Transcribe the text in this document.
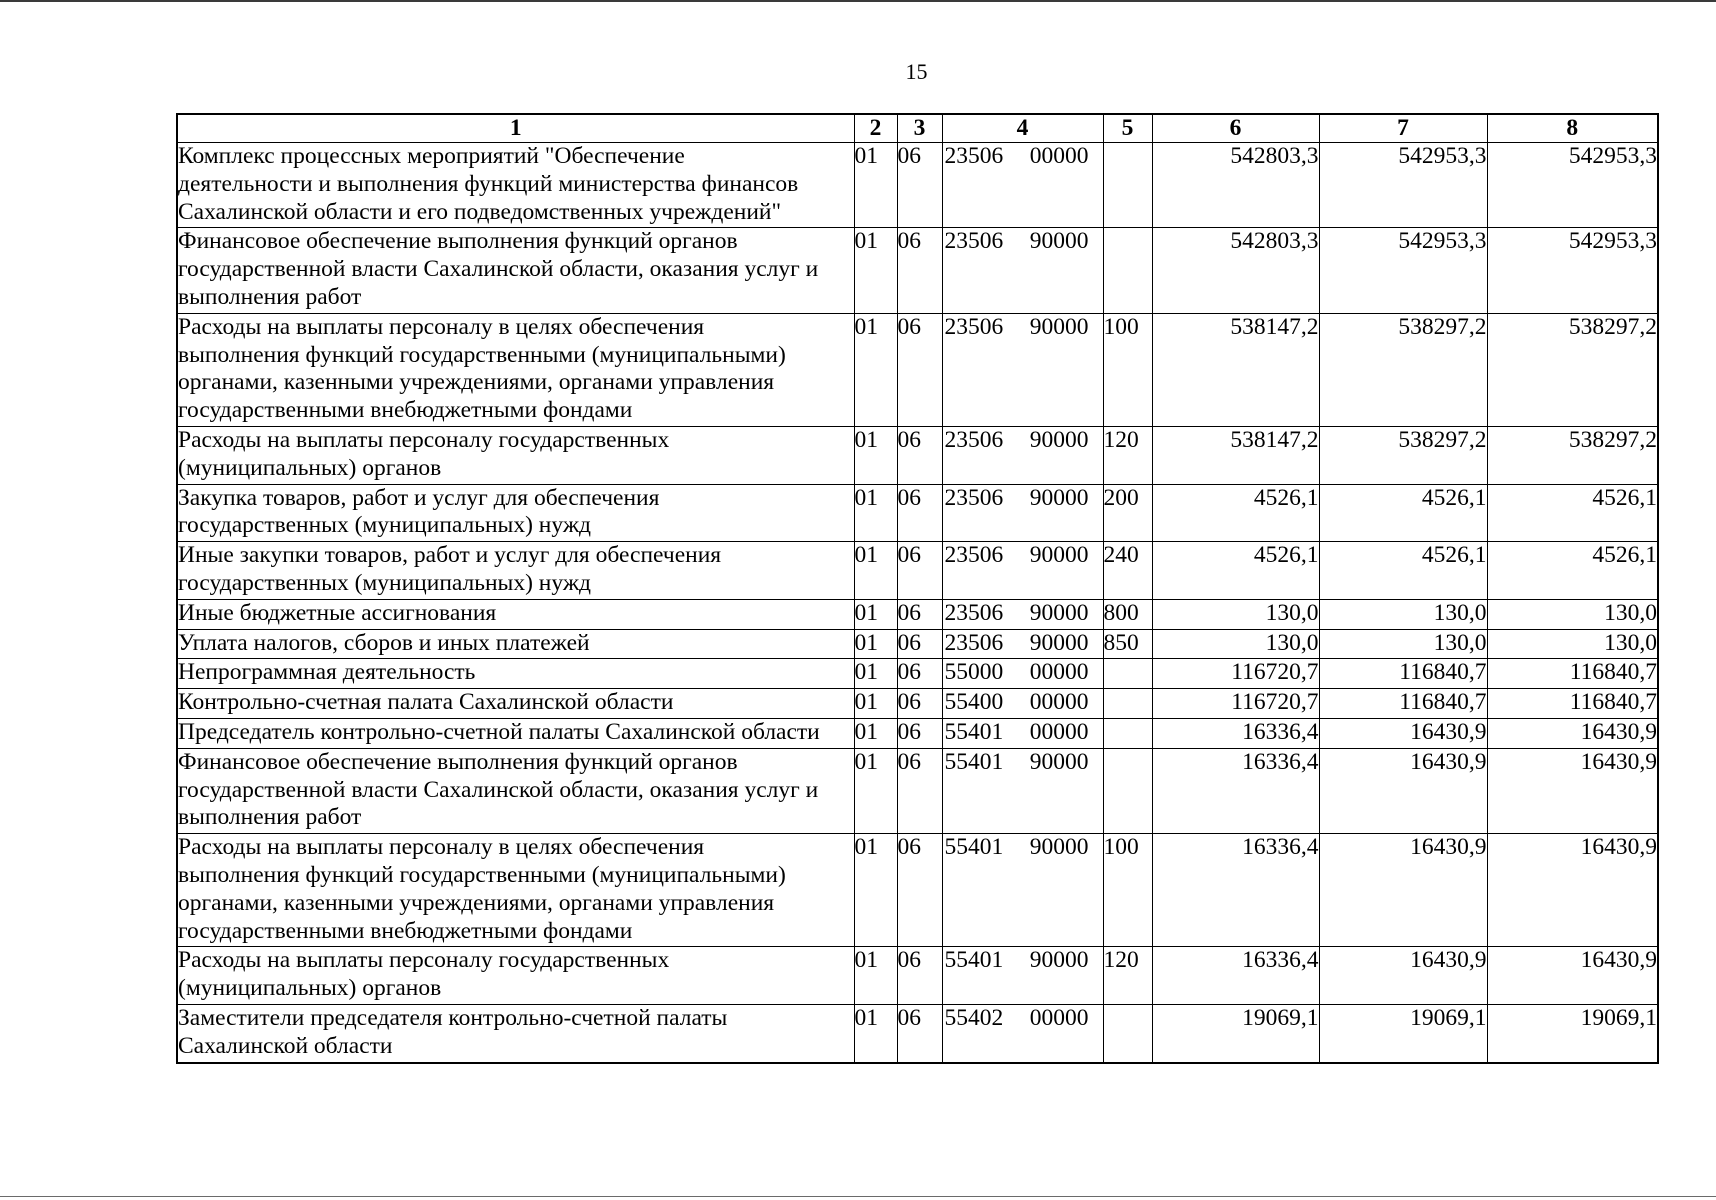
15
1	2	3	4	5	6	7	8
Комплекс процессных мероприятий "Обеспечение
деятельности и выполнения функций министерства финансов
Сахалинской области и его подведомственных учреждений"	01	06	23506 00000		542803,3	542953,3	542953,3
Финансовое обеспечение выполнения функций органов
государственной власти Сахалинской области, оказания услуг и
выполнения работ	01	06	23506 90000		542803,3	542953,3	542953,3
Расходы на выплаты персоналу в целях обеспечения
выполнения функций государственными (муниципальными)
органами, казенными учреждениями, органами управления
государственными внебюджетными фондами	01	06	23506 90000	100	538147,2	538297,2	538297,2
Расходы на выплаты персоналу государственных
(муниципальных) органов	01	06	23506 90000	120	538147,2	538297,2	538297,2
Закупка товаров, работ и услуг для обеспечения
государственных (муниципальных) нужд	01	06	23506 90000	200	4526,1	4526,1	4526,1
Иные закупки товаров, работ и услуг для обеспечения
государственных (муниципальных) нужд	01	06	23506 90000	240	4526,1	4526,1	4526,1
Иные бюджетные ассигнования	01	06	23506 90000	800	130,0	130,0	130,0
Уплата налогов, сборов и иных платежей	01	06	23506 90000	850	130,0	130,0	130,0
Непрограммная деятельность	01	06	55000 00000		116720,7	116840,7	116840,7
Контрольно-счетная палата Сахалинской области	01	06	55400 00000		116720,7	116840,7	116840,7
Председатель контрольно-счетной палаты Сахалинской области	01	06	55401 00000		16336,4	16430,9	16430,9
Финансовое обеспечение выполнения функций органов
государственной власти Сахалинской области, оказания услуг и
выполнения работ	01	06	55401 90000		16336,4	16430,9	16430,9
Расходы на выплаты персоналу в целях обеспечения
выполнения функций государственными (муниципальными)
органами, казенными учреждениями, органами управления
государственными внебюджетными фондами	01	06	55401 90000	100	16336,4	16430,9	16430,9
Расходы на выплаты персоналу государственных
(муниципальных) органов	01	06	55401 90000	120	16336,4	16430,9	16430,9
Заместители председателя контрольно-счетной палаты
Сахалинской области	01	06	55402 00000		19069,1	19069,1	19069,1
